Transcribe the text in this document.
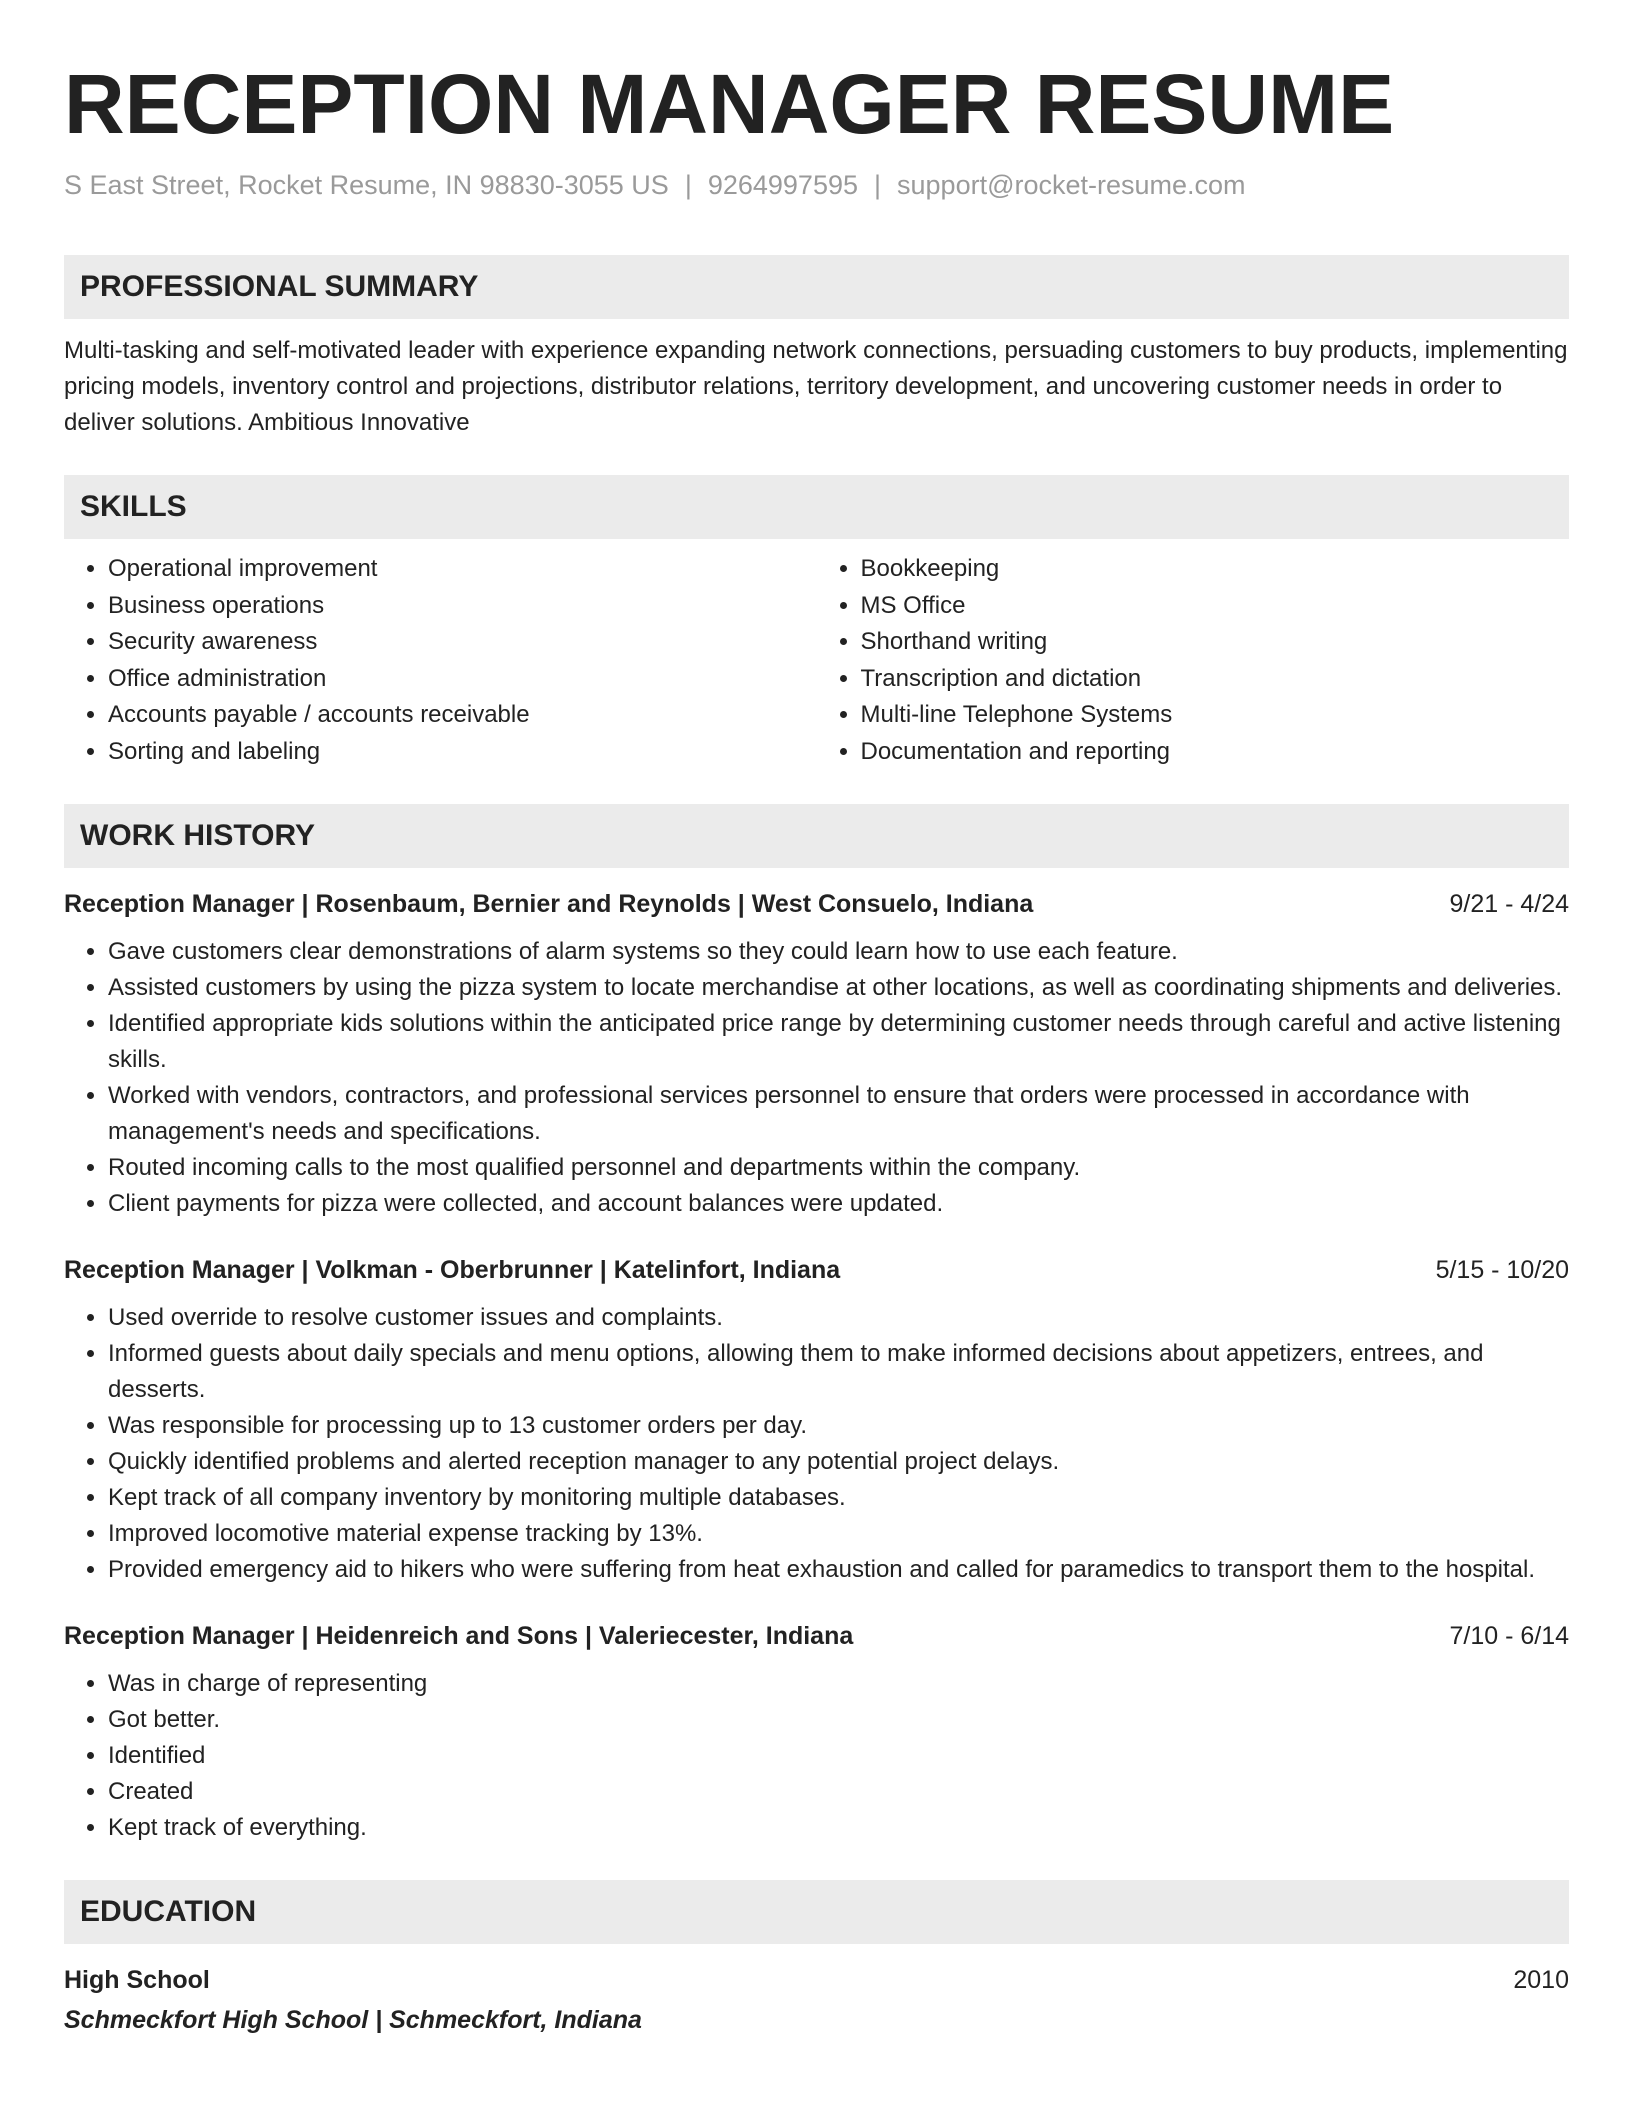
RECEPTION MANAGER RESUME
S East Street, Rocket Resume, IN 98830-3055 US | 9264997595 | support@rocket-resume.com
PROFESSIONAL SUMMARY
Multi-tasking and self-motivated leader with experience expanding network connections, persuading customers to buy products, implementing pricing models, inventory control and projections, distributor relations, territory development, and uncovering customer needs in order to deliver solutions. Ambitious Innovative
SKILLS
• Operational improvement
• Business operations
• Security awareness
• Office administration
• Accounts payable / accounts receivable
• Sorting and labeling
• Bookkeeping
• MS Office
• Shorthand writing
• Transcription and dictation
• Multi-line Telephone Systems
• Documentation and reporting
WORK HISTORY
Reception Manager | Rosenbaum, Bernier and Reynolds | West Consuelo, Indiana	9/21 - 4/24
• Gave customers clear demonstrations of alarm systems so they could learn how to use each feature.
• Assisted customers by using the pizza system to locate merchandise at other locations, as well as coordinating shipments and deliveries.
• Identified appropriate kids solutions within the anticipated price range by determining customer needs through careful and active listening skills.
• Worked with vendors, contractors, and professional services personnel to ensure that orders were processed in accordance with management's needs and specifications.
• Routed incoming calls to the most qualified personnel and departments within the company.
• Client payments for pizza were collected, and account balances were updated.
Reception Manager | Volkman - Oberbrunner | Katelinfort, Indiana	5/15 - 10/20
• Used override to resolve customer issues and complaints.
• Informed guests about daily specials and menu options, allowing them to make informed decisions about appetizers, entrees, and desserts.
• Was responsible for processing up to 13 customer orders per day.
• Quickly identified problems and alerted reception manager to any potential project delays.
• Kept track of all company inventory by monitoring multiple databases.
• Improved locomotive material expense tracking by 13%.
• Provided emergency aid to hikers who were suffering from heat exhaustion and called for paramedics to transport them to the hospital.
Reception Manager | Heidenreich and Sons | Valeriecester, Indiana	7/10 - 6/14
• Was in charge of representing
• Got better.
• Identified
• Created
• Kept track of everything.
EDUCATION
High School	2010
Schmeckfort High School | Schmeckfort, Indiana
